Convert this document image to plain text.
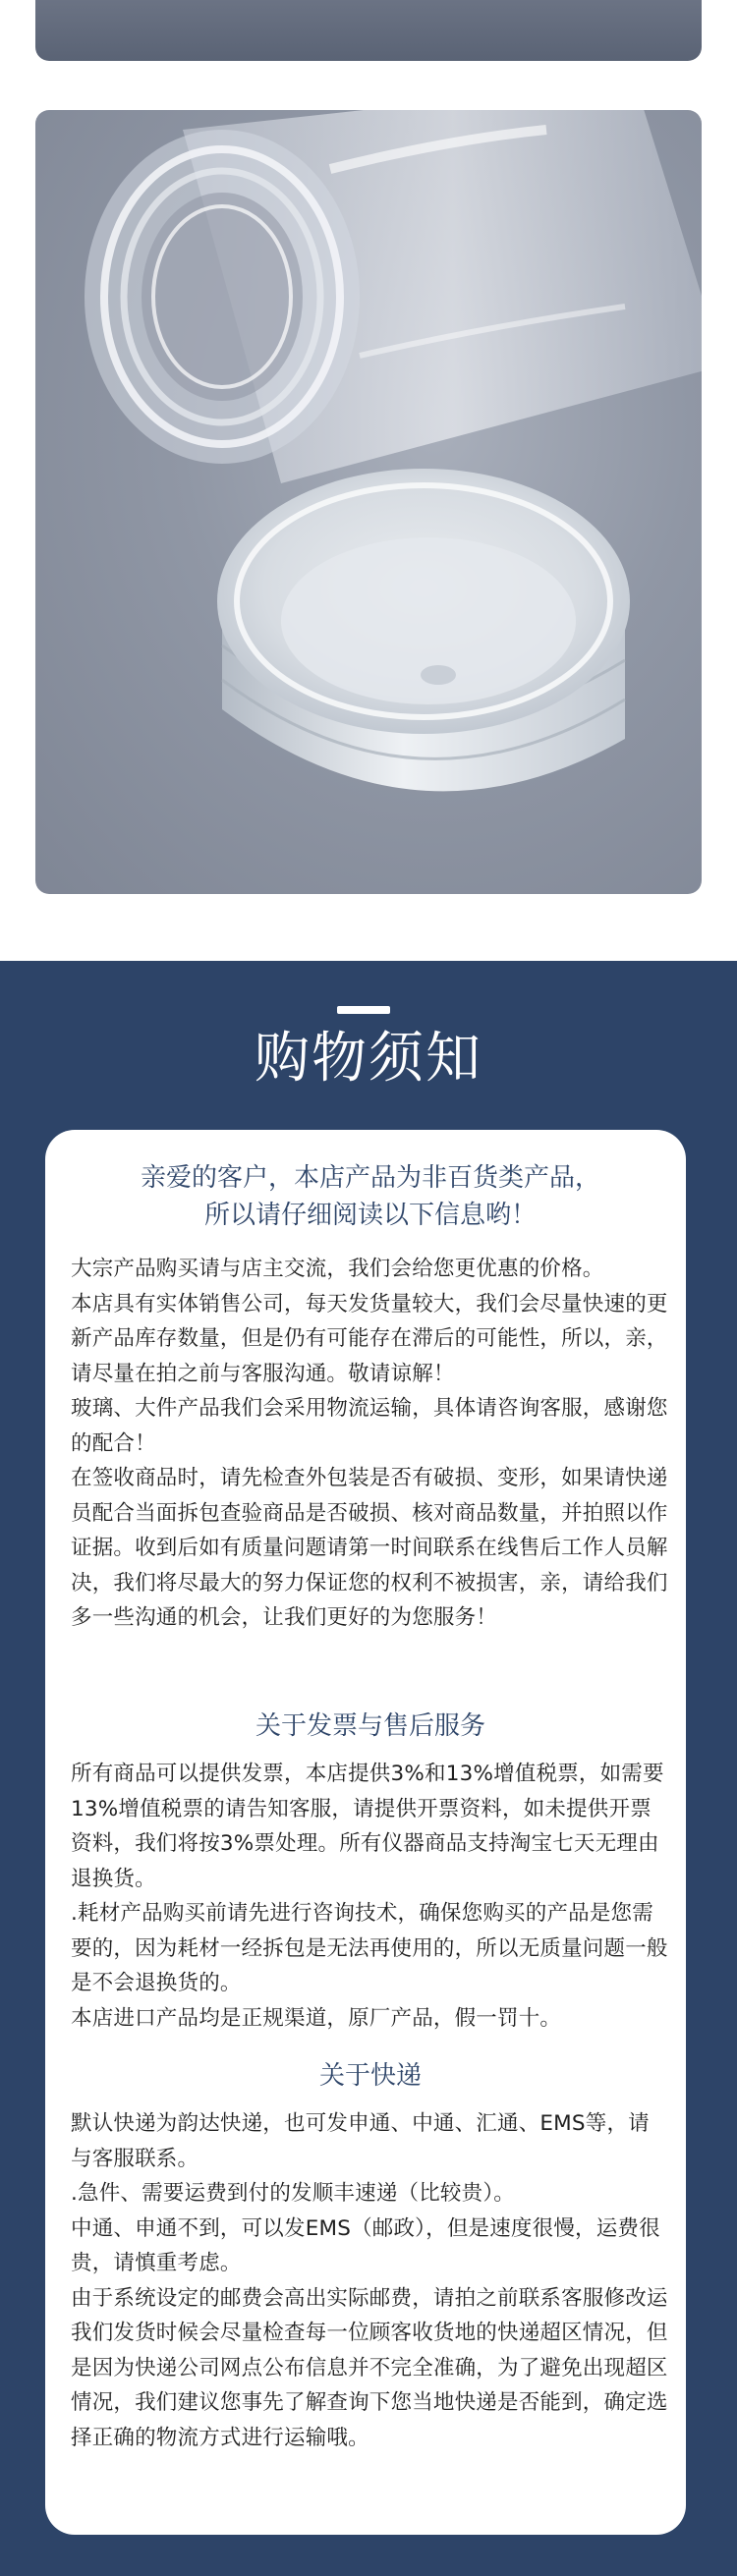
购物须知

亲爱的客户，本店产品为非百货类产品，

所以请仔细阅读以下信息哟！

大宗产品购买请与店主交流，我们会给您更优惠的价格。

本店具有实体销售公司，每天发货量较大，我们会尽量快速的更新产品库存数量，但是仍有可能存在滞后的可能性，所以，亲，请尽量在拍之前与客服沟通。敬请谅解！

玻璃、大件产品我们会采用物流运输，具体请咨询客服，感谢您的配合！

在签收商品时，请先检查外包装是否有破损、变形，如果请快递员配合当面拆包查验商品是否破损、核对商品数量，并拍照以作证据。收到后如有质量问题请第一时间联系在线售后工作人员解决，我们将尽最大的努力保证您的权利不被损害，亲，请给我们多一些沟通的机会，让我们更好的为您服务！

关于发票与售后服务

所有商品可以提供发票，本店提供3%和13%增值税票，如需要13%增值税票的请告知客服，请提供开票资料，如未提供开票资料，我们将按3%票处理。所有仪器商品支持淘宝七天无理由退换货。

.耗材产品购买前请先进行咨询技术，确保您购买的产品是您需要的，因为耗材一经拆包是无法再使用的，所以无质量问题一般是不会退换货的。

本店进口产品均是正规渠道，原厂产品，假一罚十。

关于快递

默认快递为韵达快递，也可发申通、中通、汇通、EMS等，请与客服联系。

.急件、需要运费到付的发顺丰速递（比较贵）。

中通、申通不到，可以发EMS（邮政），但是速度很慢，运费很贵，请慎重考虑。

由于系统设定的邮费会高出实际邮费，请拍之前联系客服修改运

我们发货时候会尽量检查每一位顾客收货地的快递超区情况，但是因为快递公司网点公布信息并不完全准确，为了避免出现超区情况，我们建议您事先了解查询下您当地快递是否能到，确定选择正确的物流方式进行运输哦。
